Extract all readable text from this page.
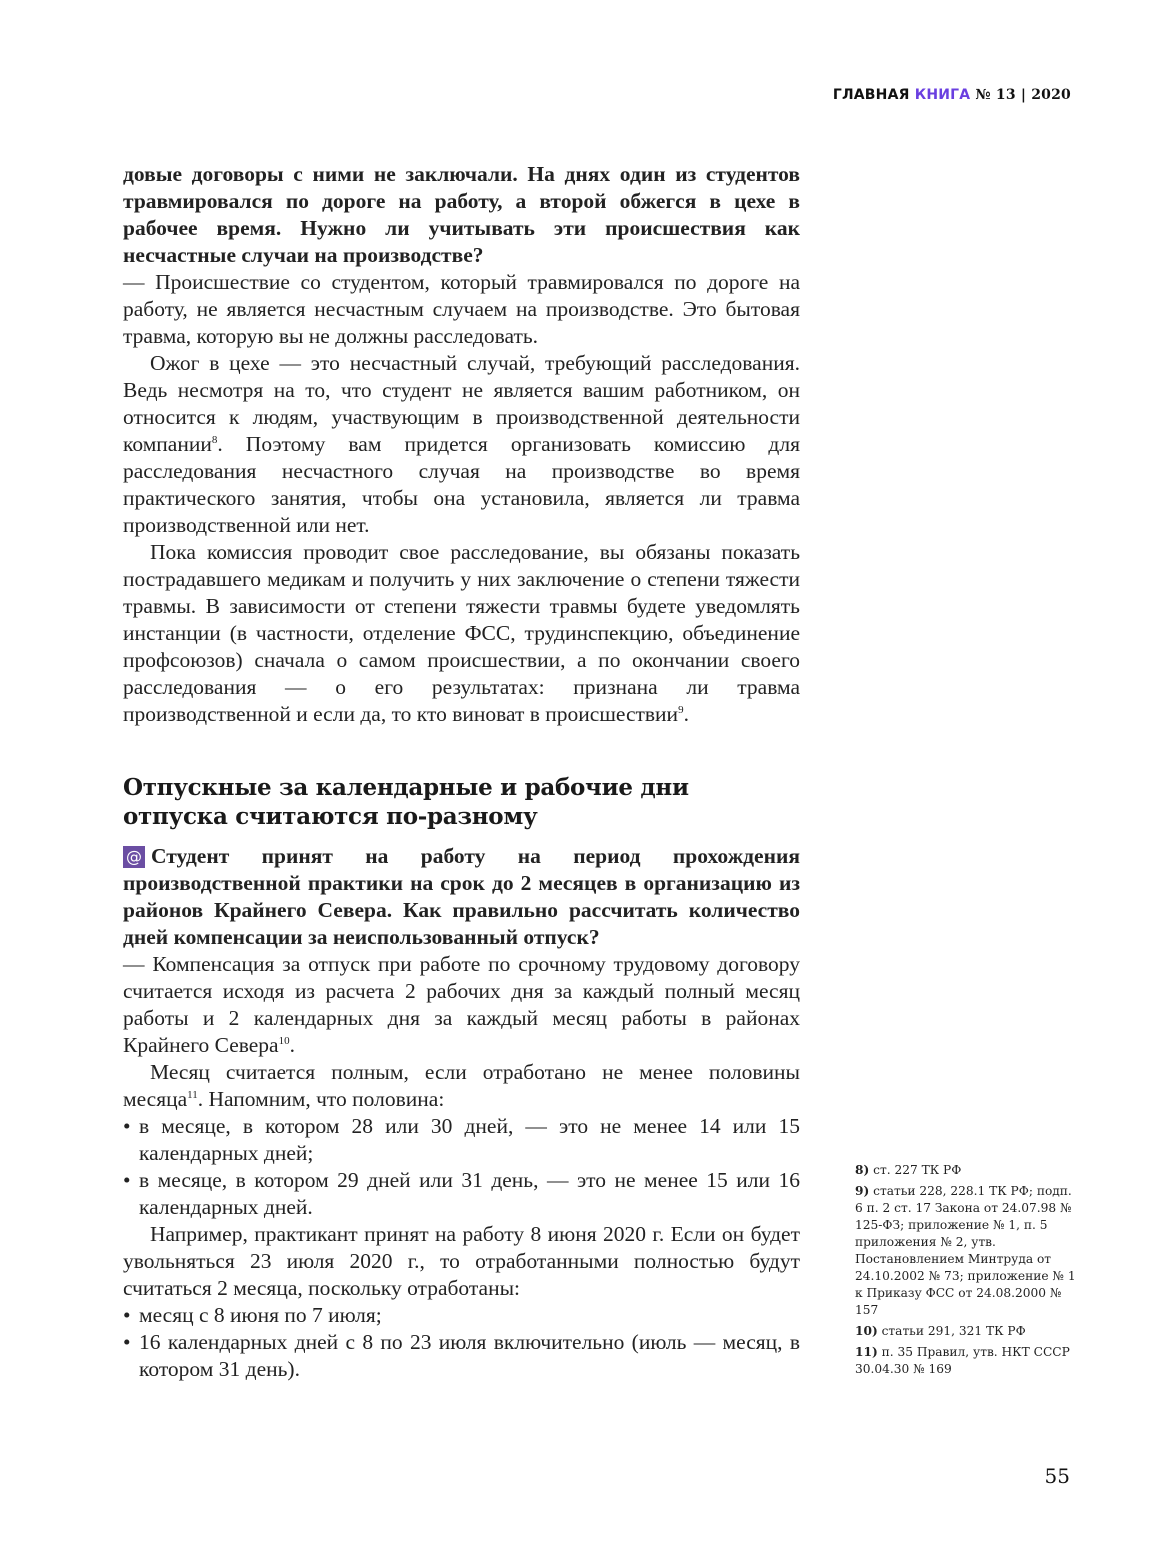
ГЛАВНАЯ КНИГА № 13 | 2020

довые договоры с ними не заключали. На днях один из студентов травмировался по дороге на работу, а второй обжегся в цехе в рабочее время. Нужно ли учитывать эти происшествия как несчастные случаи на производстве?

— Происшествие со студентом, который травмировался по дороге на работу, не является несчастным случаем на производстве. Это бытовая травма, которую вы не должны расследовать.

Ожог в цехе — это несчастный случай, требующий расследования. Ведь несмотря на то, что студент не является вашим работником, он относится к людям, участвующим в производственной деятельности компании$^8$. Поэтому вам придется организовать комиссию для расследования несчастного случая на производстве во время практического занятия, чтобы она установила, является ли травма производственной или нет.

Пока комиссия проводит свое расследование, вы обязаны показать пострадавшего медикам и получить у них заключение о степени тяжести травмы. В зависимости от степени тяжести травмы будете уведомлять инстанции (в частности, отделение ФСС, трудинспекцию, объединение профсоюзов) сначала о самом происшествии, а по окончании своего расследования — о его результатах: признана ли травма производственной и если да, то кто виноват в происшествии$^9$.

Отпускные за календарные и рабочие дни отпуска считаются по-разному

@ Студент принят на работу на период прохождения производственной практики на срок до 2 месяцев в организацию из районов Крайнего Севера. Как правильно рассчитать количество дней компенсации за неиспользованный отпуск?

— Компенсация за отпуск при работе по срочному трудовому договору считается исходя из расчета 2 рабочих дня за каждый полный месяц работы и 2 календарных дня за каждый месяц работы в районах Крайнего Севера$^{10}$.

Месяц считается полным, если отработано не менее половины месяца$^{11}$. Напомним, что половина:

• в месяце, в котором 28 или 30 дней, — это не менее 14 или 15 календарных дней;
• в месяце, в котором 29 дней или 31 день, — это не менее 15 или 16 календарных дней.

Например, практикант принят на работу 8 июня 2020 г. Если он будет увольняться 23 июля 2020 г., то отработанными полностью будут считаться 2 месяца, поскольку отработаны:

• месяц с 8 июня по 7 июля;
• 16 календарных дней с 8 по 23 июля включительно (июль — месяц, в котором 31 день).
8) ст. 227 ТК РФ
9) статьи 228, 228.1 ТК РФ; подп. 6 п. 2 ст. 17 Закона от 24.07.98 № 125-ФЗ; приложение № 1, п. 5 приложения № 2, утв. Постановлением Минтруда от 24.10.2002 № 73; приложение № 1 к Приказу ФСС от 24.08.2000 № 157
10) статьи 291, 321 ТК РФ
11) п. 35 Правил, утв. НКТ СССР 30.04.30 № 169
55
